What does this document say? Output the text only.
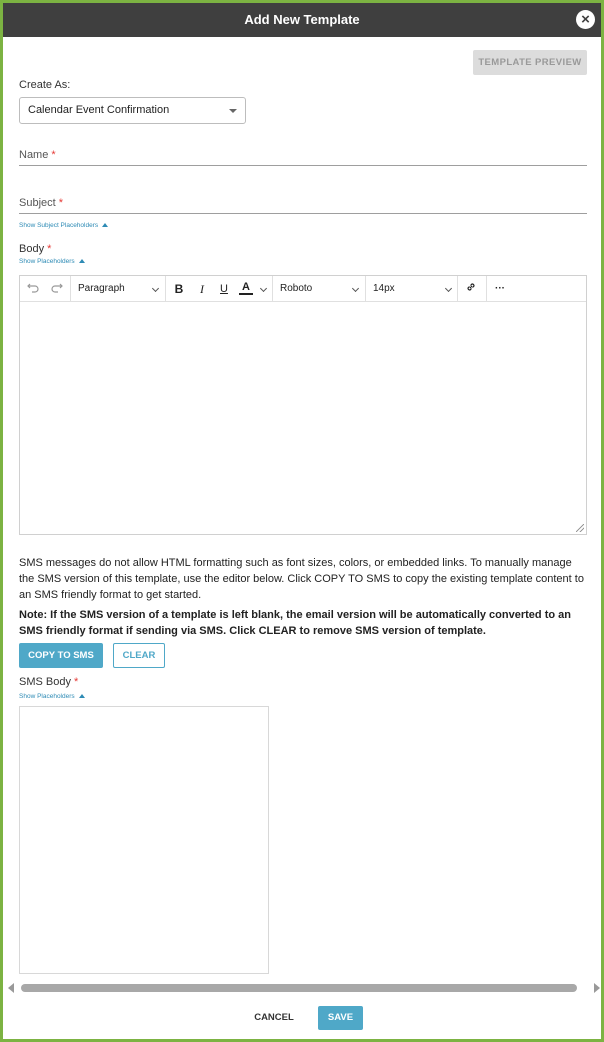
Add New Template	×
TEMPLATE PREVIEW
Create As:
Calendar Event Confirmation
Name *
Subject *
Show Subject Placeholders
Body *
Show Placeholders
Paragraph	B	I	U A	Roboto	14px	···
SMS messages do not allow HTML formatting such as font sizes, colors, or embedded links. To manually manage the SMS version of this template, use the editor below. Click COPY TO SMS to copy the existing template content to an SMS friendly format to get started.
Note: If the SMS version of a template is left blank, the email version will be automatically converted to an SMS friendly format if sending via SMS. Click CLEAR to remove SMS version of template.
COPY TO SMS	CLEAR
SMS Body *
Show Placeholders
CANCEL	SAVE
